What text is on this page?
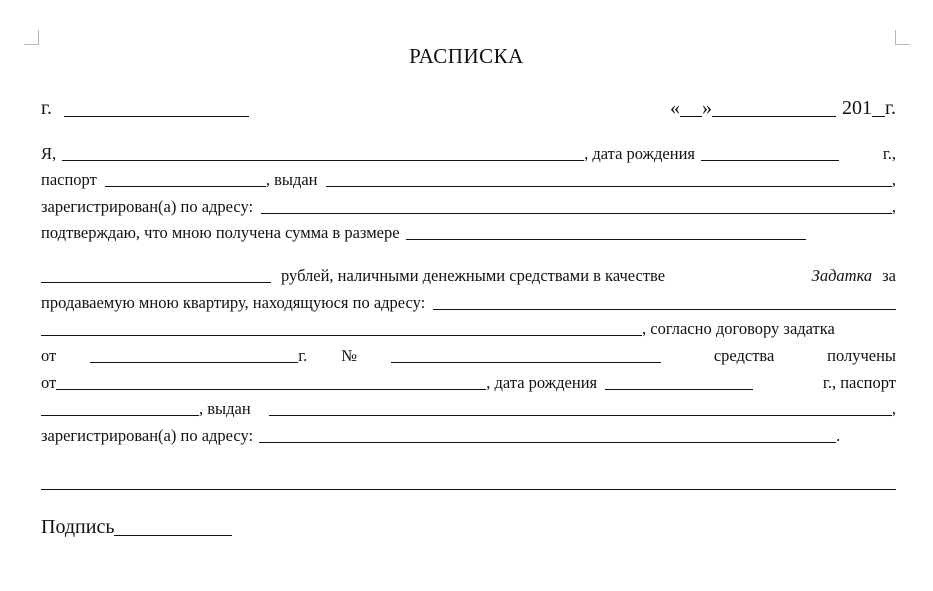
РАСПИСКА
г.	« »	201 г.
Я,	, дата рождения	г.,
паспорт	, выдан	,
зарегистрирован(а) по адресу:	,
подтверждаю, что мною получена сумма в размере
рублей, наличными денежными средствами в качестве	Задатка за
продаваемую мною квартиру, находящуюся по адресу:
, согласно договору задатка
от	г. №	средства	получены
от	, дата рождения	г., паспорт
, выдан	,
зарегистрирован(а) по адресу:	.
Подпись
